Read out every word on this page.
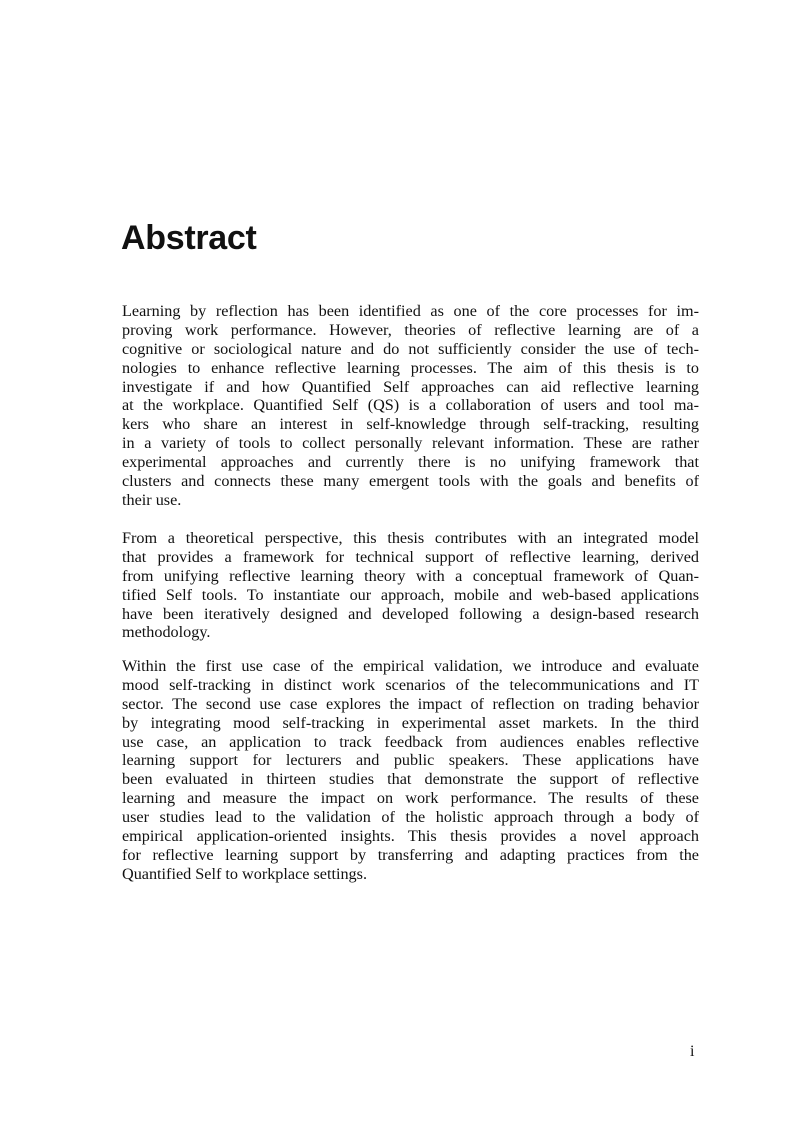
Abstract
Learning by reflection has been identified as one of the core processes for im-
proving work performance. However, theories of reflective learning are of a
cognitive or sociological nature and do not sufficiently consider the use of tech-
nologies to enhance reflective learning processes. The aim of this thesis is to
investigate if and how Quantified Self approaches can aid reflective learning
at the workplace. Quantified Self (QS) is a collaboration of users and tool ma-
kers who share an interest in self-knowledge through self-tracking, resulting
in a variety of tools to collect personally relevant information. These are rather
experimental approaches and currently there is no unifying framework that
clusters and connects these many emergent tools with the goals and benefits of
their use.
From a theoretical perspective, this thesis contributes with an integrated model
that provides a framework for technical support of reflective learning, derived
from unifying reflective learning theory with a conceptual framework of Quan-
tified Self tools. To instantiate our approach, mobile and web-based applications
have been iteratively designed and developed following a design-based research
methodology.
Within the first use case of the empirical validation, we introduce and evaluate
mood self-tracking in distinct work scenarios of the telecommunications and IT
sector. The second use case explores the impact of reflection on trading behavior
by integrating mood self-tracking in experimental asset markets. In the third
use case, an application to track feedback from audiences enables reflective
learning support for lecturers and public speakers. These applications have
been evaluated in thirteen studies that demonstrate the support of reflective
learning and measure the impact on work performance. The results of these
user studies lead to the validation of the holistic approach through a body of
empirical application-oriented insights. This thesis provides a novel approach
for reflective learning support by transferring and adapting practices from the
Quantified Self to workplace settings.
i
